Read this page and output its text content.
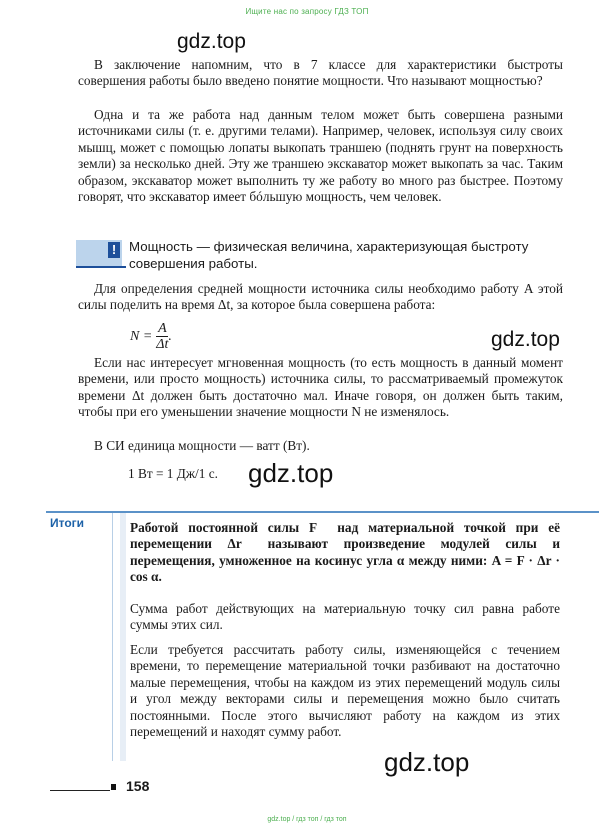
Ищите нас по запросу ГДЗ ТОП
gdz.top

В заключение напомним, что в 7 классе для характеристики быстроты совершения работы было введено понятие мощности. Что называют мощностью?

Одна и та же работа над данным телом может быть совершена разными источниками силы (т. е. другими телами). Например, человек, используя силу своих мышц, может с помощью лопаты выкопать траншею (поднять грунт на поверхность земли) за несколько дней. Эту же траншею экскаватор может выкопать за час. Таким образом, экскаватор может выполнить ту же работу во много раз быстрее. Поэтому говорят, что экскаватор имеет бóльшую мощность, чем человек.

! Мощность — физическая величина, характеризующая быстроту совершения работы.

Для определения средней мощности источника силы необходимо работу A этой силы поделить на время Δt, за которое была совершена работа:

$N = \frac{A}{\Delta t}$ .	gdz.top

Если нас интересует мгновенная мощность (то есть мощность в данный момент времени, или просто мощность) источника силы, то рассматриваемый промежуток времени Δt должен быть достаточно мал. Иначе говоря, он должен быть таким, чтобы при его уменьшении значение мощности N не изменялось.

В СИ единица мощности — ватт (Вт).

1 Вт = 1 Дж/1 с. gdz.top
Итоги	Работой постоянной силы F⃗ над материальной точкой при её перемещении Δr⃗ называют произведение модулей силы и перемещения, умноженное на косинус угла α между ними: A = F · Δr · cos α.

Сумма работ действующих на материальную точку сил равна работе суммы этих сил.

Если требуется рассчитать работу силы, изменяющейся с течением времени, то перемещение материальной точки разбивают на достаточно малые перемещения, чтобы на каждом из этих перемещений модуль силы и угол между векторами силы и перемещения можно было считать постоянными. После этого вычисляют работу на каждом из этих перемещений и находят сумму работ.

gdz.top
158
gdz.top / гдз топ / гдз топ
